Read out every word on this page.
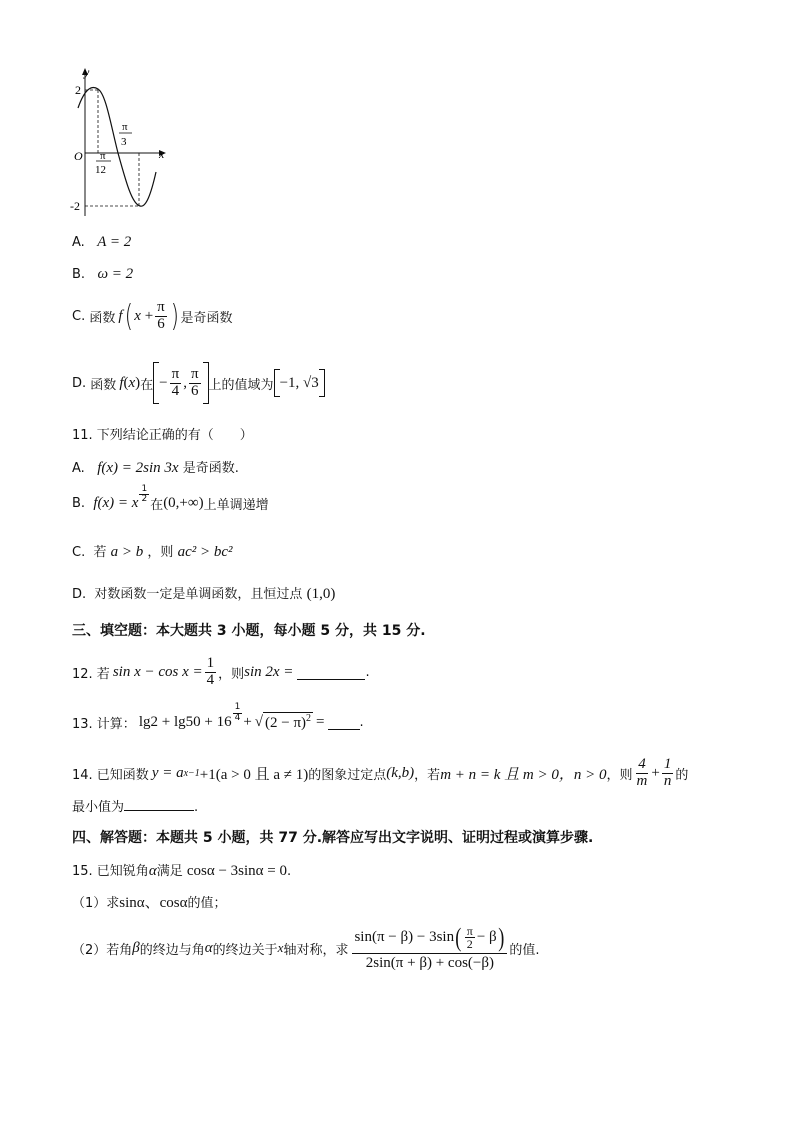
y
x
O
2
-2
π
12
π
3
A. A = 2
B. ω = 2
C.
函数 f ( $x + \frac{\pi}{6}$ ) 是奇函数
D.
函数 f ( x ) 在 − $\frac{\pi}{4}$ , $\frac{\pi}{6}$ 上的值域为 −1, √3
11. 下列结论正确的有（　　）
A. f(x) = 2sin 3x 是奇函数.
B.
f(x) = x $\frac{1}{2}$
在 (0,+∞) 上单调递增
C. 若 a > b ，则 ac² > bc²
D. 对数函数一定是单调函数，且恒过点 (1,0)
三、填空题：本大题共 3 小题，每小题 5 分，共 15 分.
12. 若 $\sin x - \cos x = \frac{1}{4}$ ，则 sin 2x =	.
13. 计算： $\lg 2 + \lg 50 + 16 \frac{1}{4}$ + √ $(2 - \pi)^2$ =	.
14. 已知函数 y = a x−1 +1(a > 0 且 a ≠ 1) 的图象过定点 (k,b) ，若 m + n = k 且 m > 0，n > 0 ，则 $\frac{4}{m} + \frac{1}{n}$ 的
最小值为	.
四、解答题：本题共 5 小题，共 77 分.解答应写出文字说明、证明过程或演算步骤.
15. 已知锐角α满足 cosα − 3sinα = 0.
（1）求sinα、cosα的值；
（2）若角 β 的终边与角 α 的终边关于 x 轴对称，求 $\frac{\sin(\pi - \beta) - 3\sin ( \frac{\pi}{2} - \beta )}{2\sin(\pi + \beta) + \cos(-\beta)}$ 的值.
